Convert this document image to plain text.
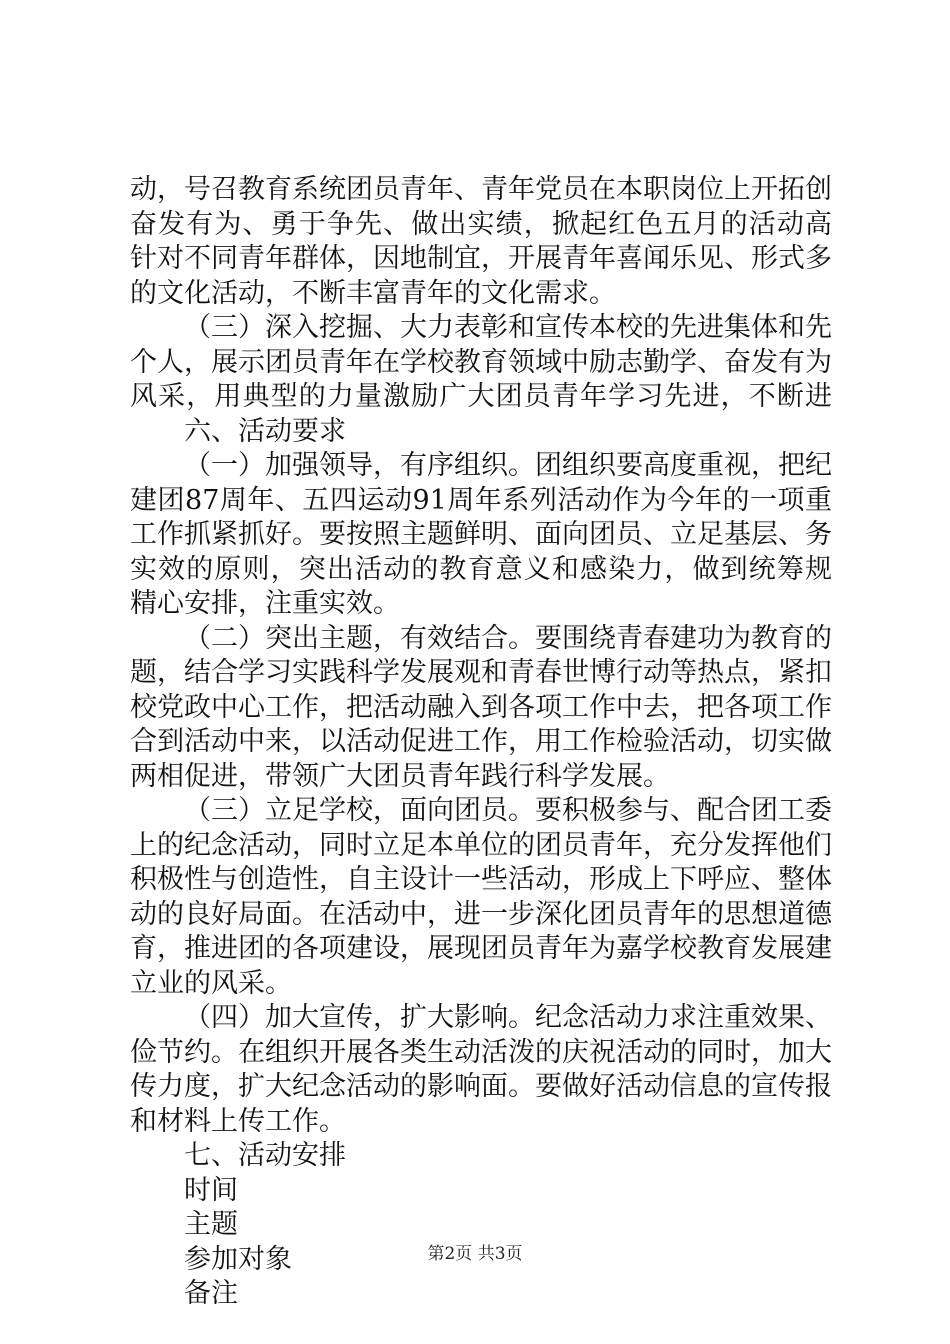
动，号召教育系统团员青年、青年党员在本职岗位上开拓创
奋发有为、勇于争先、做出实绩，掀起红色五月的活动高
针对不同青年群体，因地制宜，开展青年喜闻乐见、形式多
的文化活动，不断丰富青年的文化需求。
（三）深入挖掘、大力表彰和宣传本校的先进集体和先
个人，展示团员青年在学校教育领域中励志勤学、奋发有为
风采，用典型的力量激励广大团员青年学习先进，不断进
六、活动要求
（一）加强领导，有序组织。团组织要高度重视，把纪
建团87周年、五四运动91周年系列活动作为今年的一项重
工作抓紧抓好。要按照主题鲜明、面向团员、立足基层、务
实效的原则，突出活动的教育意义和感染力，做到统筹规
精心安排，注重实效。
（二）突出主题，有效结合。要围绕青春建功为教育的
题，结合学习实践科学发展观和青春世博行动等热点，紧扣
校党政中心工作，把活动融入到各项工作中去，把各项工作
合到活动中来，以活动促进工作，用工作检验活动，切实做
两相促进，带领广大团员青年践行科学发展。
（三）立足学校，面向团员。要积极参与、配合团工委
上的纪念活动，同时立足本单位的团员青年，充分发挥他们
积极性与创造性，自主设计一些活动，形成上下呼应、整体
动的良好局面。在活动中，进一步深化团员青年的思想道德
育，推进团的各项建设，展现团员青年为嘉学校教育发展建
立业的风采。
（四）加大宣传，扩大影响。纪念活动力求注重效果、
俭节约。在组织开展各类生动活泼的庆祝活动的同时，加大
传力度，扩大纪念活动的影响面。要做好活动信息的宣传报
和材料上传工作。
七、活动安排
时间
主题
参加对象
备注
第2页 共3页
